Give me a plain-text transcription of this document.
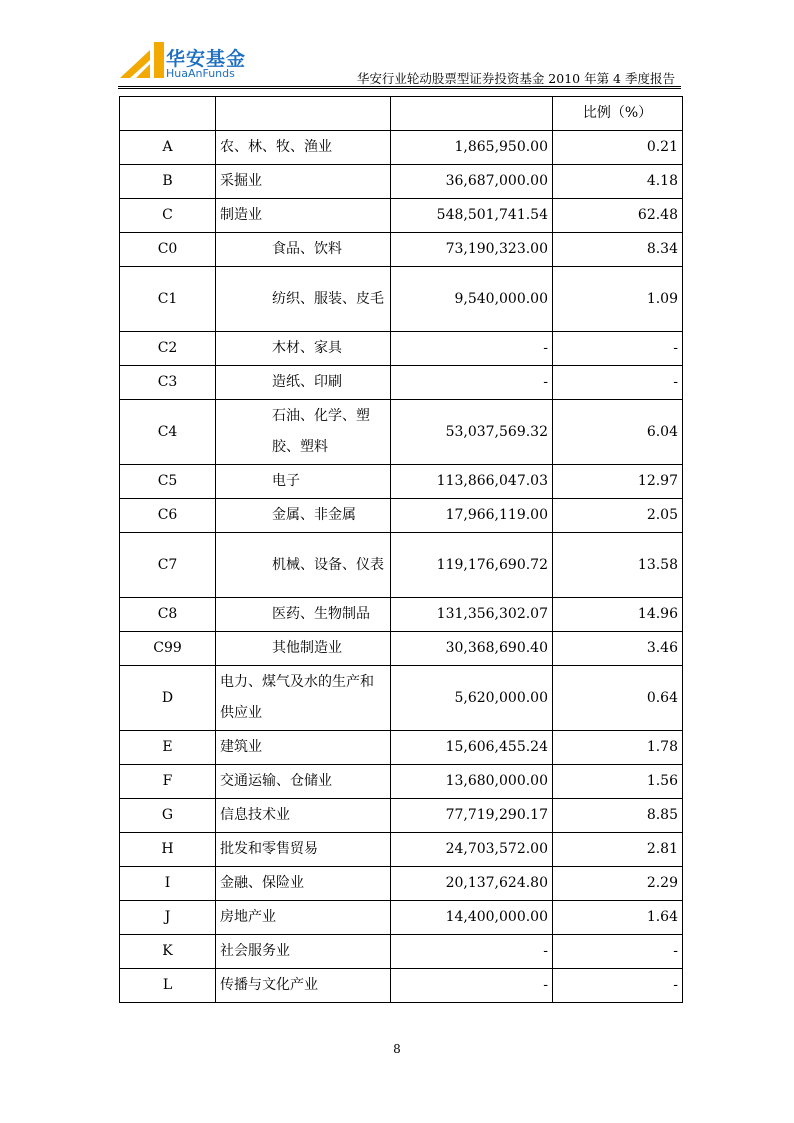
华安基金
HuaAnFunds	华安行业轮动股票型证券投资基金 2010 年第 4 季度报告
			比例（%）
A	农、林、牧、渔业	1,865,950.00	0.21
B	采掘业	36,687,000.00	4.18
C	制造业	548,501,741.54	62.48
C0	食品、饮料	73,190,323.00	8.34
C1	纺织、服装、皮毛	9,540,000.00	1.09
C2	木材、家具	-	-
C3	造纸、印刷	-	-
C4	石油、化学、塑胶、塑料	53,037,569.32	6.04
C5	电子	113,866,047.03	12.97
C6	金属、非金属	17,966,119.00	2.05
C7	机械、设备、仪表	119,176,690.72	13.58
C8	医药、生物制品	131,356,302.07	14.96
C99	其他制造业	30,368,690.40	3.46
D	电力、煤气及水的生产和供应业	5,620,000.00	0.64
E	建筑业	15,606,455.24	1.78
F	交通运输、仓储业	13,680,000.00	1.56
G	信息技术业	77,719,290.17	8.85
H	批发和零售贸易	24,703,572.00	2.81
I	金融、保险业	20,137,624.80	2.29
J	房地产业	14,400,000.00	1.64
K	社会服务业	-	-
L	传播与文化产业	-	-
8
